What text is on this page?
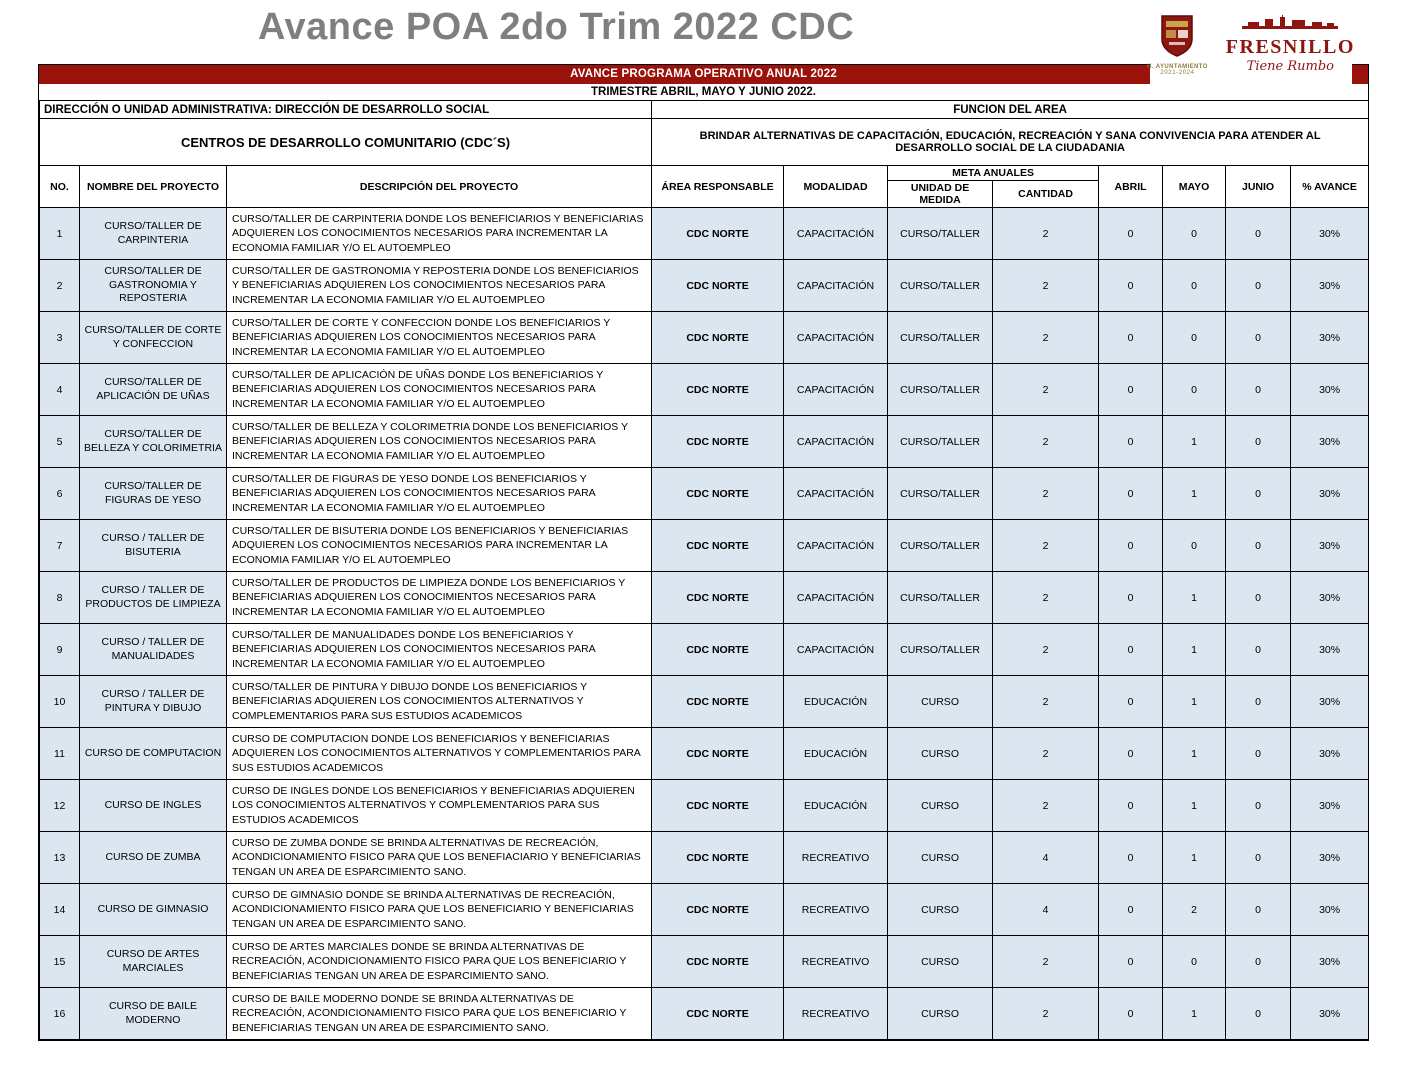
Avance POA 2do Trim 2022 CDC
H. AYUNTAMIENTO
2021-2024
FRESNILLO
Tiene Rumbo
AVANCE PROGRAMA OPERATIVO ANUAL 2022
TRIMESTRE ABRIL, MAYO Y JUNIO 2022.
DIRECCIÓN O UNIDAD ADMINISTRATIVA: DIRECCIÓN DE DESARROLLO SOCIAL			FUNCION DEL AREA							
CENTROS DE DESARROLLO COMUNITARIO (CDC´S)			BRINDAR ALTERNATIVAS DE CAPACITACIÓN, EDUCACIÓN, RECREACIÓN Y SANA CONVIVENCIA PARA ATENDER AL DESARROLLO SOCIAL DE LA CIUDADANIA							
NO.	NOMBRE DEL PROYECTO	DESCRIPCIÓN DEL PROYECTO	ÁREA RESPONSABLE	MODALIDAD	META ANUALES		ABRIL	MAYO	JUNIO	% AVANCE
					UNIDAD DE MEDIDA	CANTIDAD				
1	CURSO/TALLER DE CARPINTERIA	CURSO/TALLER DE CARPINTERIA DONDE LOS BENEFICIARIOS Y BENEFICIARIAS ADQUIEREN LOS CONOCIMIENTOS NECESARIOS PARA INCREMENTAR LA ECONOMIA FAMILIAR Y/O EL AUTOEMPLEO	CDC NORTE	CAPACITACIÓN	CURSO/TALLER	2	0	0	0	30%
2	CURSO/TALLER DE GASTRONOMIA Y REPOSTERIA	CURSO/TALLER DE GASTRONOMIA Y REPOSTERIA DONDE LOS BENEFICIARIOS Y BENEFICIARIAS ADQUIEREN LOS CONOCIMIENTOS NECESARIOS PARA INCREMENTAR LA ECONOMIA FAMILIAR Y/O EL AUTOEMPLEO	CDC NORTE	CAPACITACIÓN	CURSO/TALLER	2	0	0	0	30%
3	CURSO/TALLER DE CORTE Y CONFECCION	CURSO/TALLER DE CORTE Y CONFECCION DONDE LOS BENEFICIARIOS Y BENEFICIARIAS ADQUIEREN LOS CONOCIMIENTOS NECESARIOS PARA INCREMENTAR LA ECONOMIA FAMILIAR Y/O EL AUTOEMPLEO	CDC NORTE	CAPACITACIÓN	CURSO/TALLER	2	0	0	0	30%
4	CURSO/TALLER DE APLICACIÓN DE UÑAS	CURSO/TALLER DE APLICACIÓN DE UÑAS DONDE LOS BENEFICIARIOS Y BENEFICIARIAS ADQUIEREN LOS CONOCIMIENTOS NECESARIOS PARA INCREMENTAR LA ECONOMIA FAMILIAR Y/O EL AUTOEMPLEO	CDC NORTE	CAPACITACIÓN	CURSO/TALLER	2	0	0	0	30%
5	CURSO/TALLER DE BELLEZA Y COLORIMETRIA	CURSO/TALLER DE BELLEZA Y COLORIMETRIA DONDE LOS BENEFICIARIOS Y BENEFICIARIAS ADQUIEREN LOS CONOCIMIENTOS NECESARIOS PARA INCREMENTAR LA ECONOMIA FAMILIAR Y/O EL AUTOEMPLEO	CDC NORTE	CAPACITACIÓN	CURSO/TALLER	2	0	1	0	30%
6	CURSO/TALLER DE FIGURAS DE YESO	CURSO/TALLER DE FIGURAS DE YESO DONDE LOS BENEFICIARIOS Y BENEFICIARIAS ADQUIEREN LOS CONOCIMIENTOS NECESARIOS PARA INCREMENTAR LA ECONOMIA FAMILIAR Y/O EL AUTOEMPLEO	CDC NORTE	CAPACITACIÓN	CURSO/TALLER	2	0	1	0	30%
7	CURSO / TALLER DE BISUTERIA	CURSO/TALLER DE BISUTERIA DONDE LOS BENEFICIARIOS Y BENEFICIARIAS ADQUIEREN LOS CONOCIMIENTOS NECESARIOS PARA INCREMENTAR LA ECONOMIA FAMILIAR Y/O EL AUTOEMPLEO	CDC NORTE	CAPACITACIÓN	CURSO/TALLER	2	0	0	0	30%
8	CURSO / TALLER DE PRODUCTOS DE LIMPIEZA	CURSO/TALLER DE PRODUCTOS DE LIMPIEZA DONDE LOS BENEFICIARIOS Y BENEFICIARIAS ADQUIEREN LOS CONOCIMIENTOS NECESARIOS PARA INCREMENTAR LA ECONOMIA FAMILIAR Y/O EL AUTOEMPLEO	CDC NORTE	CAPACITACIÓN	CURSO/TALLER	2	0	1	0	30%
9	CURSO / TALLER DE MANUALIDADES	CURSO/TALLER DE MANUALIDADES DONDE LOS BENEFICIARIOS Y BENEFICIARIAS ADQUIEREN LOS CONOCIMIENTOS NECESARIOS PARA INCREMENTAR LA ECONOMIA FAMILIAR Y/O EL AUTOEMPLEO	CDC NORTE	CAPACITACIÓN	CURSO/TALLER	2	0	1	0	30%
10	CURSO / TALLER DE PINTURA Y DIBUJO	CURSO/TALLER DE PINTURA Y DIBUJO DONDE LOS BENEFICIARIOS Y BENEFICIARIAS ADQUIEREN LOS CONOCIMIENTOS ALTERNATIVOS Y COMPLEMENTARIOS PARA SUS ESTUDIOS ACADEMICOS	CDC NORTE	EDUCACIÓN	CURSO	2	0	1	0	30%
11	CURSO DE COMPUTACION	CURSO DE COMPUTACION DONDE LOS BENEFICIARIOS Y BENEFICIARIAS ADQUIEREN LOS CONOCIMIENTOS ALTERNATIVOS Y COMPLEMENTARIOS PARA SUS ESTUDIOS ACADEMICOS	CDC NORTE	EDUCACIÓN	CURSO	2	0	1	0	30%
12	CURSO DE INGLES	CURSO DE INGLES DONDE LOS BENEFICIARIOS Y BENEFICIARIAS ADQUIEREN LOS CONOCIMIENTOS ALTERNATIVOS Y COMPLEMENTARIOS PARA SUS ESTUDIOS ACADEMICOS	CDC NORTE	EDUCACIÓN	CURSO	2	0	1	0	30%
13	CURSO DE ZUMBA	CURSO DE ZUMBA DONDE SE BRINDA ALTERNATIVAS DE RECREACIÓN, ACONDICIONAMIENTO FISICO PARA QUE LOS BENEFIACIARIO Y BENEFICIARIAS TENGAN UN AREA DE ESPARCIMIENTO SANO.	CDC NORTE	RECREATIVO	CURSO	4	0	1	0	30%
14	CURSO DE GIMNASIO	CURSO DE GIMNASIO DONDE SE BRINDA ALTERNATIVAS DE RECREACIÓN, ACONDICIONAMIENTO FISICO PARA QUE LOS BENEFICIARIO Y BENEFICIARIAS TENGAN UN AREA DE ESPARCIMIENTO SANO.	CDC NORTE	RECREATIVO	CURSO	4	0	2	0	30%
15	CURSO DE ARTES MARCIALES	CURSO DE ARTES MARCIALES DONDE SE BRINDA ALTERNATIVAS DE RECREACIÓN, ACONDICIONAMIENTO FISICO PARA QUE LOS BENEFICIARIO Y BENEFICIARIAS TENGAN UN AREA DE ESPARCIMIENTO SANO.	CDC NORTE	RECREATIVO	CURSO	2	0	0	0	30%
16	CURSO DE BAILE MODERNO	CURSO DE BAILE MODERNO DONDE SE BRINDA ALTERNATIVAS DE RECREACIÓN, ACONDICIONAMIENTO FISICO PARA QUE LOS BENEFICIARIO Y BENEFICIARIAS TENGAN UN AREA DE ESPARCIMIENTO SANO.	CDC NORTE	RECREATIVO	CURSO	2	0	1	0	30%
